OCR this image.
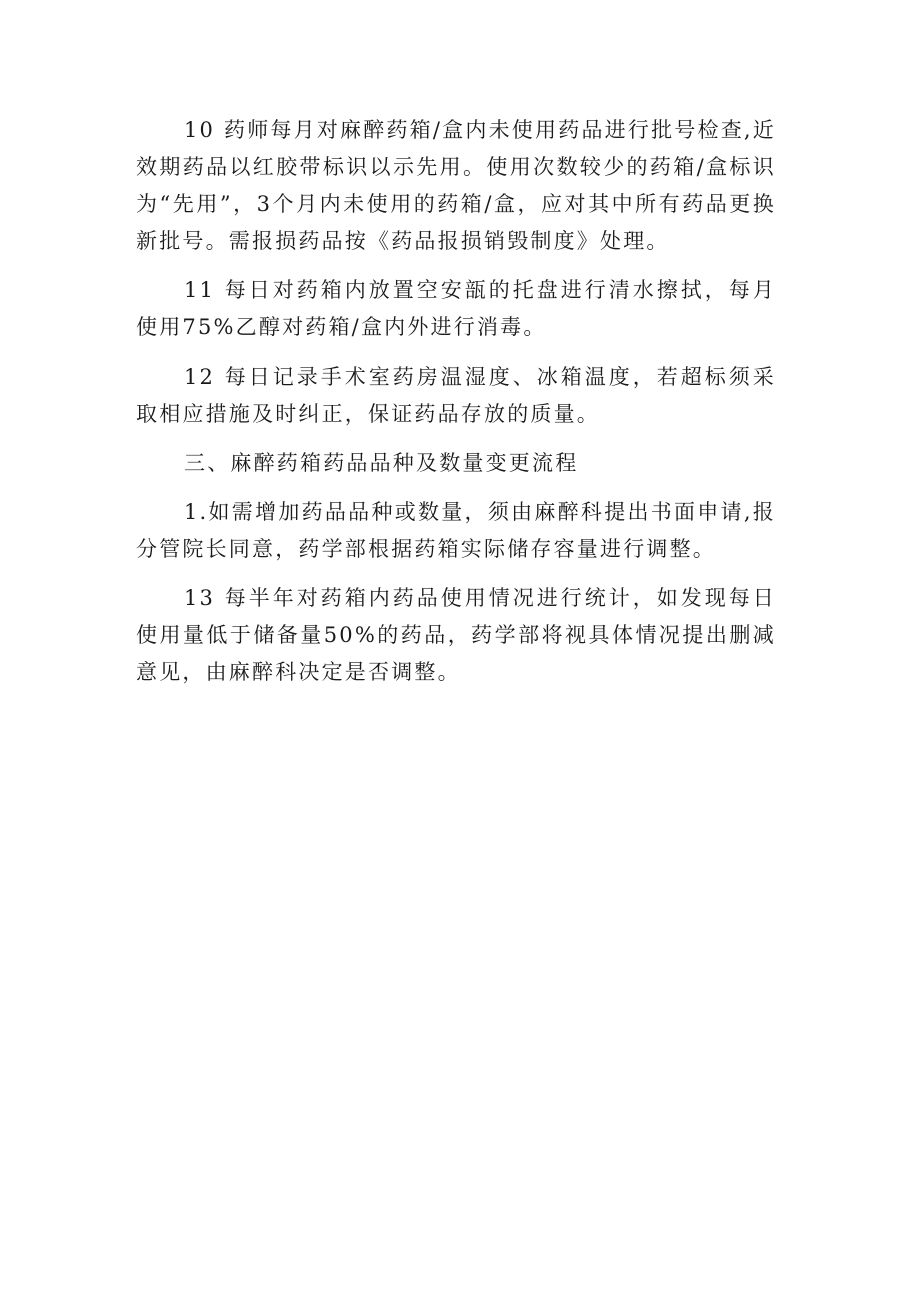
10 药师每月对麻醉药箱/盒内未使用药品进行批号检查,近效期药品以红胶带标识以示先用。使用次数较少的药箱/盒标识为“先用”，3个月内未使用的药箱/盒，应对其中所有药品更换新批号。需报损药品按《药品报损销毁制度》处理。

11 每日对药箱内放置空安瓿的托盘进行清水擦拭，每月使用75%乙醇对药箱/盒内外进行消毒。

12 每日记录手术室药房温湿度、冰箱温度，若超标须采取相应措施及时纠正，保证药品存放的质量。

三、麻醉药箱药品品种及数量变更流程

1.如需增加药品品种或数量，须由麻醉科提出书面申请,报分管院长同意，药学部根据药箱实际储存容量进行调整。

13 每半年对药箱内药品使用情况进行统计，如发现每日使用量低于储备量50%的药品，药学部将视具体情况提出删减意见，由麻醉科决定是否调整。
